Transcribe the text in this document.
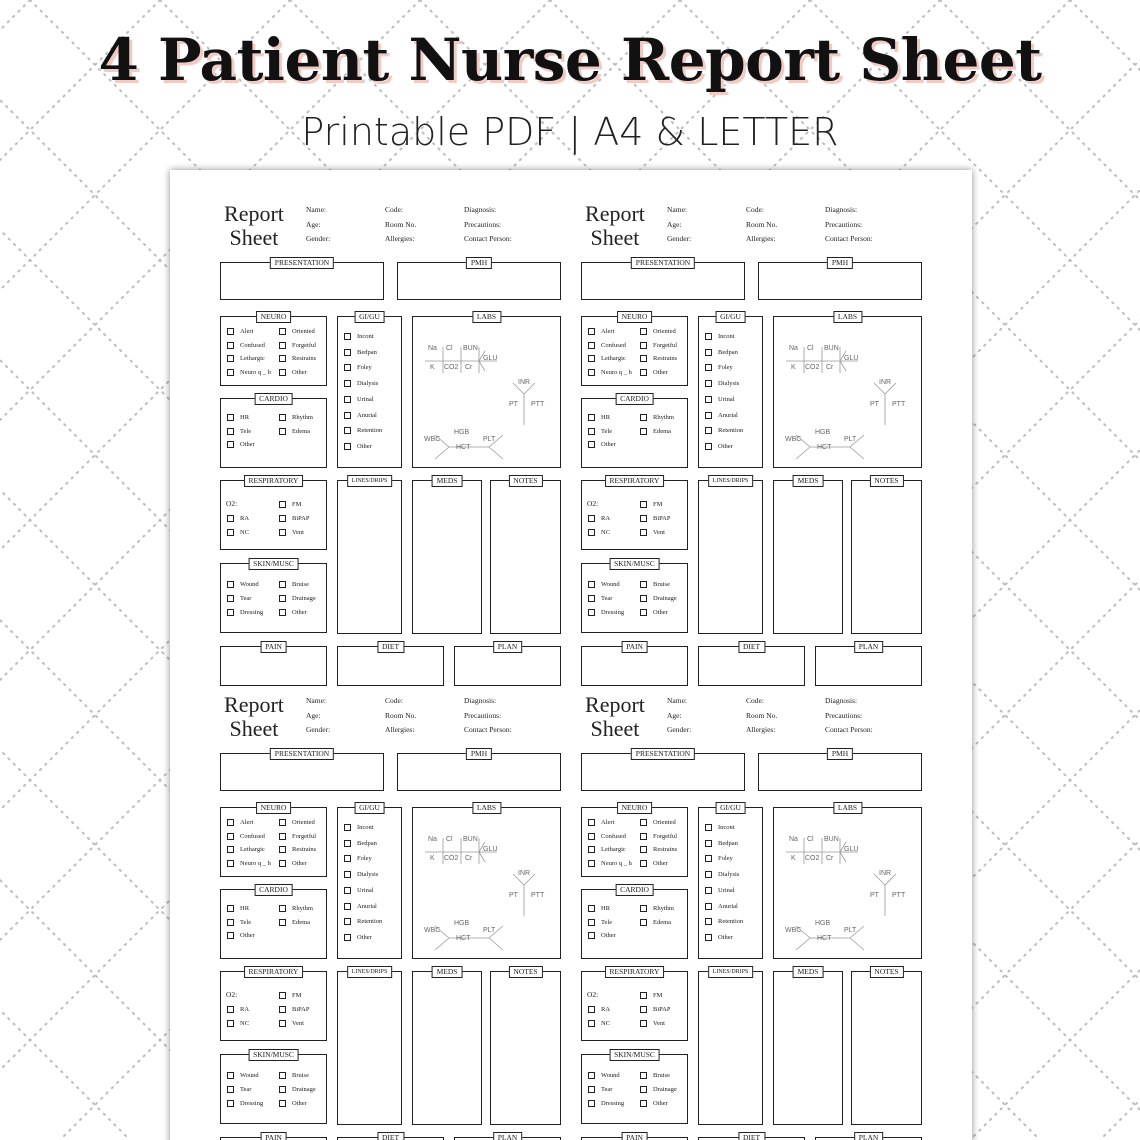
4 Patient Nurse Report Sheet
Printable PDF | A4 & LETTER
Report
Sheet
Name:
Age:
Gender:
Code:
Room No.
Allergies:
Diagnosis:
Precautions:
Contact Person:
PRESENTATION	PMH
NEURO
Alert	Oriented
Confused	Forgetful
Lethargic	Restrains
Neuro q _ h	Other
CARDIO
HR	Rhythm
Tele	Edema
Other
GI/GU
Incont
Bedpan
Foley
Dialysis
Urinal
Anurial
Retention
Other
LABS
Na Cl BUN
GLU
K CO2 Cr
INR
PT PTT
HGB
WBC	PLT
HCT
RESPIRATORY
O2:	FM
RA	BiPAP
NC	Vent
SKIN/MUSC
Wound	Bruise
Tear	Drainage
Dressing	Other
LINES/DRIPS	MEDS	NOTES
PAIN	DIET	PLAN
Report
Sheet
Name:
Age:
Gender:
Code:
Room No.
Allergies:
Diagnosis:
Precautions:
Contact Person:
PRESENTATION	PMH
NEURO
Alert	Oriented
Confused	Forgetful
Lethargic	Restrains
Neuro q _ h	Other
CARDIO
HR	Rhythm
Tele	Edema
Other
GI/GU
Incont
Bedpan
Foley
Dialysis
Urinal
Anurial
Retention
Other
LABS
Na Cl BUN
GLU
K CO2 Cr
INR
PT PTT
HGB
WBC	PLT
HCT
RESPIRATORY
O2:	FM
RA	BiPAP
NC	Vent
SKIN/MUSC
Wound	Bruise
Tear	Drainage
Dressing	Other
LINES/DRIPS	MEDS	NOTES
PAIN	DIET	PLAN
Report
Sheet
Name:
Age:
Gender:
Code:
Room No.
Allergies:
Diagnosis:
Precautions:
Contact Person:
PRESENTATION	PMH
NEURO
Alert	Oriented
Confused	Forgetful
Lethargic	Restrains
Neuro q _ h	Other
CARDIO
HR	Rhythm
Tele	Edema
Other
GI/GU
Incont
Bedpan
Foley
Dialysis
Urinal
Anurial
Retention
Other
LABS
Na Cl BUN
GLU
K CO2 Cr
INR
PT PTT
HGB
WBC	PLT
HCT
RESPIRATORY
O2:	FM
RA	BiPAP
NC	Vent
SKIN/MUSC
Wound	Bruise
Tear	Drainage
Dressing	Other
LINES/DRIPS	MEDS	NOTES
PAIN	DIET	PLAN
Report
Sheet
Name:
Age:
Gender:
Code:
Room No.
Allergies:
Diagnosis:
Precautions:
Contact Person:
PRESENTATION	PMH
NEURO
Alert	Oriented
Confused	Forgetful
Lethargic	Restrains
Neuro q _ h	Other
CARDIO
HR	Rhythm
Tele	Edema
Other
GI/GU
Incont
Bedpan
Foley
Dialysis
Urinal
Anurial
Retention
Other
LABS
Na Cl BUN
GLU
K CO2 Cr
INR
PT PTT
HGB
WBC	PLT
HCT
RESPIRATORY
O2:	FM
RA	BiPAP
NC	Vent
SKIN/MUSC
Wound	Bruise
Tear	Drainage
Dressing	Other
LINES/DRIPS	MEDS	NOTES
PAIN	DIET	PLAN
